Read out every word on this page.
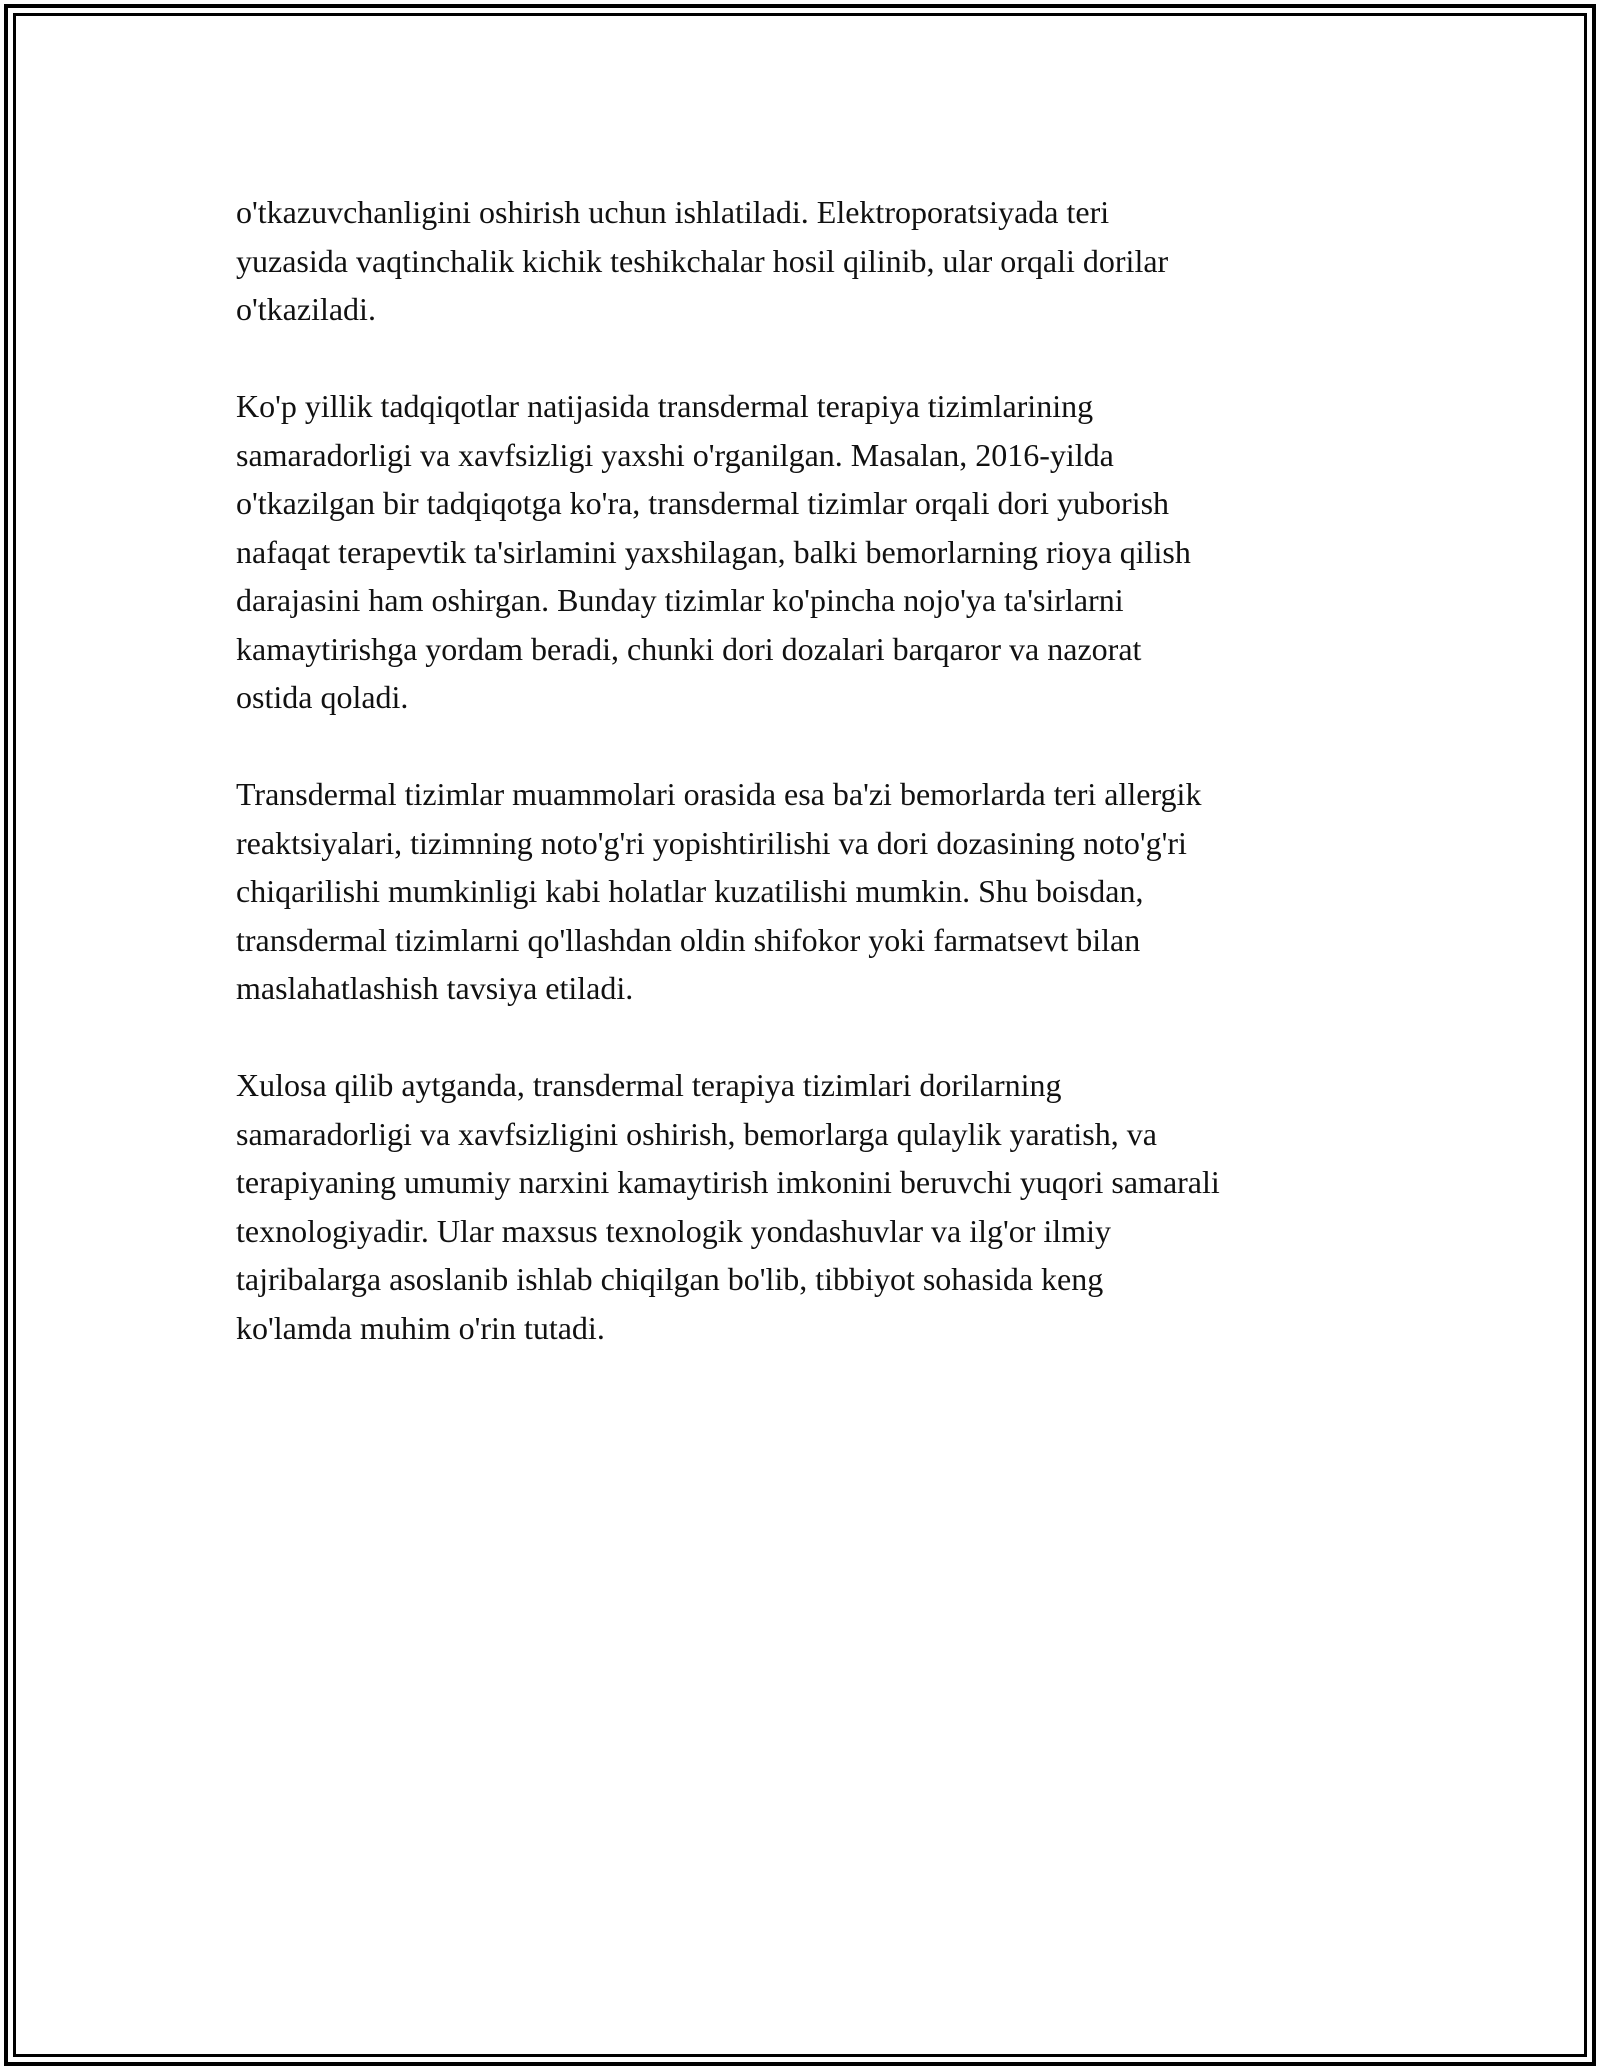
o'tkazuvchanligini oshirish uchun ishlatiladi. Elektroporatsiyada teri
yuzasida vaqtinchalik kichik teshikchalar hosil qilinib, ular orqali dorilar
o'tkaziladi.

Ko'p yillik tadqiqotlar natijasida transdermal terapiya tizimlarining
samaradorligi va xavfsizligi yaxshi o'rganilgan. Masalan, 2016-yilda
o'tkazilgan bir tadqiqotga ko'ra, transdermal tizimlar orqali dori yuborish
nafaqat terapevtik ta'sirlamini yaxshilagan, balki bemorlarning rioya qilish
darajasini ham oshirgan. Bunday tizimlar ko'pincha nojo'ya ta'sirlarni
kamaytirishga yordam beradi, chunki dori dozalari barqaror va nazorat
ostida qoladi.

Transdermal tizimlar muammolari orasida esa ba'zi bemorlarda teri allergik
reaktsiyalari, tizimning noto'g'ri yopishtirilishi va dori dozasining noto'g'ri
chiqarilishi mumkinligi kabi holatlar kuzatilishi mumkin. Shu boisdan,
transdermal tizimlarni qo'llashdan oldin shifokor yoki farmatsevt bilan
maslahatlashish tavsiya etiladi.

Xulosa qilib aytganda, transdermal terapiya tizimlari dorilarning
samaradorligi va xavfsizligini oshirish, bemorlarga qulaylik yaratish, va
terapiyaning umumiy narxini kamaytirish imkonini beruvchi yuqori samarali
texnologiyadir. Ular maxsus texnologik yondashuvlar va ilg'or ilmiy
tajribalarga asoslanib ishlab chiqilgan bo'lib, tibbiyot sohasida keng
ko'lamda muhim o'rin tutadi.
